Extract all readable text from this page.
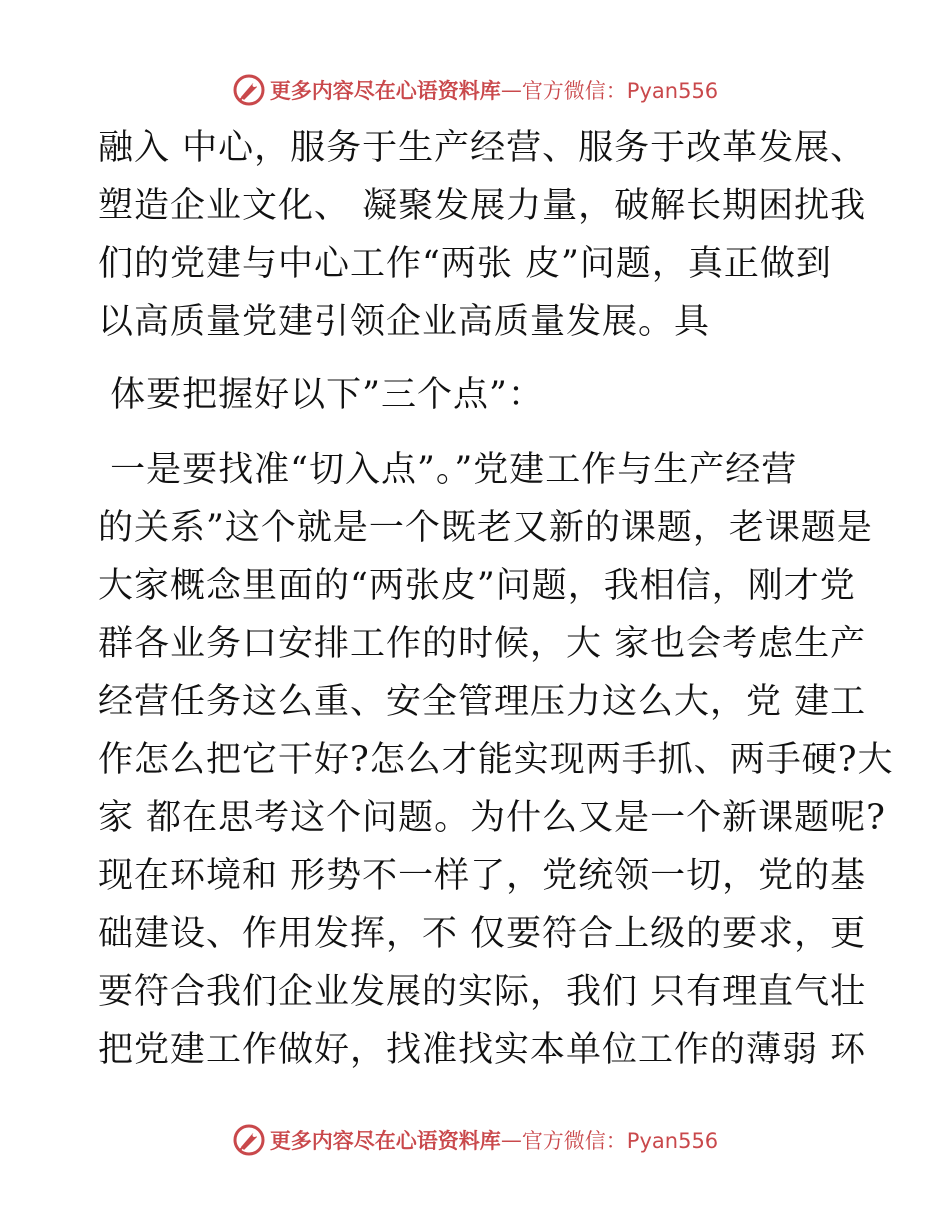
更多内容尽在心语资料库 — 官方微信：Pyan556
融入 中心，服务于生产经营、服务于改革发展、
塑造企业文化、 凝聚发展力量，破解长期困扰我
们的党建与中心工作“两张 皮”问题，真正做到
以高质量党建引领企业高质量发展。具
体要把握好以下”三个点”：
一是要找准“切入点”。”党建工作与生产经营
的关系”这个就是一个既老又新的课题，老课题是
大家概念里面的“两张皮”问题，我相信，刚才党
群各业务口安排工作的时候，大 家也会考虑生产
经营任务这么重、安全管理压力这么大，党 建工
作怎么把它干好?怎么才能实现两手抓、两手硬?大
家 都在思考这个问题。为什么又是一个新课题呢?
现在环境和 形势不一样了，党统领一切，党的基
础建设、作用发挥，不 仅要符合上级的要求，更
要符合我们企业发展的实际，我们 只有理直气壮
把党建工作做好，找准找实本单位工作的薄弱 环
更多内容尽在心语资料库 — 官方微信：Pyan556
